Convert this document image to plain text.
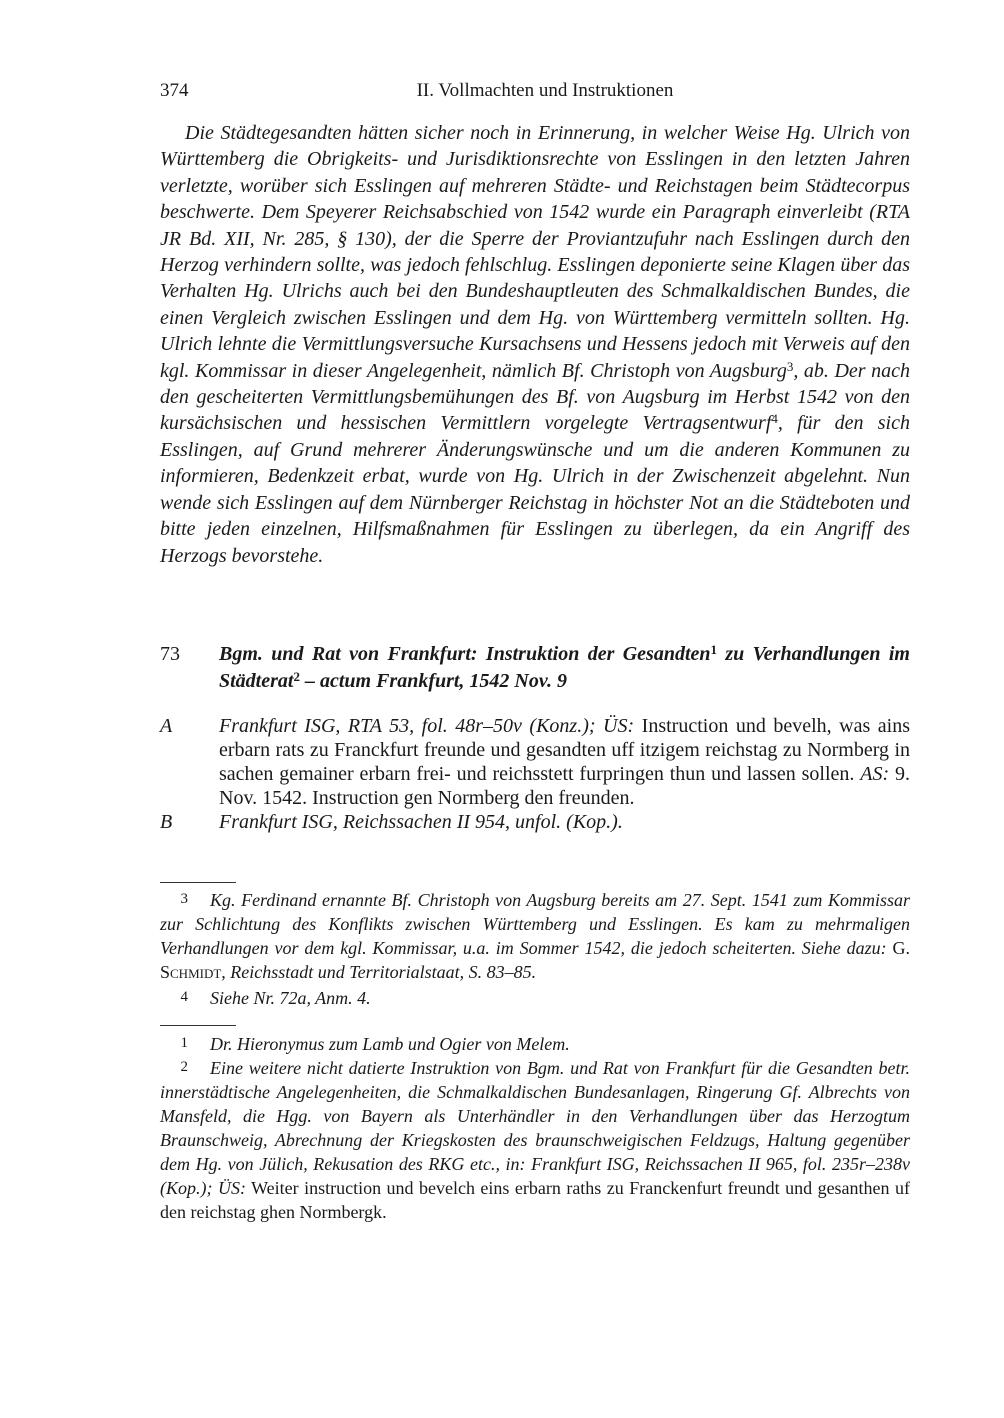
374	II. Vollmachten und Instruktionen

Die Städtegesandten hätten sicher noch in Erinnerung, in welcher Weise Hg. Ulrich von Württemberg die Obrigkeits- und Jurisdiktionsrechte von Esslingen in den letzten Jahren verletzte, worüber sich Esslingen auf mehreren Städte- und Reichstagen beim Städtecorpus beschwerte. Dem Speyerer Reichsabschied von 1542 wurde ein Paragraph einverleibt (RTA JR Bd. XII, Nr. 285, § 130), der die Sperre der Proviantzufuhr nach Esslingen durch den Herzog verhindern sollte, was jedoch fehlschlug. Esslingen deponierte seine Klagen über das Verhalten Hg. Ulrichs auch bei den Bundeshauptleuten des Schmalkaldischen Bundes, die einen Vergleich zwischen Esslingen und dem Hg. von Württemberg vermitteln sollten. Hg. Ulrich lehnte die Vermittlungsversuche Kursachsens und Hessens jedoch mit Verweis auf den kgl. Kommissar in dieser Angelegenheit, nämlich Bf. Christoph von Augsburg$^3$, ab. Der nach den gescheiterten Vermittlungsbemühungen des Bf. von Augsburg im Herbst 1542 von den kursächsischen und hessischen Vermittlern vorgelegte Vertragsentwurf$^4$, für den sich Esslingen, auf Grund mehrerer Änderungswünsche und um die anderen Kommunen zu informieren, Bedenkzeit erbat, wurde von Hg. Ulrich in der Zwischenzeit abgelehnt. Nun wende sich Esslingen auf dem Nürnberger Reichstag in höchster Not an die Städteboten und bitte jeden einzelnen, Hilfsmaßnahmen für Esslingen zu überlegen, da ein Angriff des Herzogs bevorstehe.

73 Bgm. und Rat von Frankfurt: Instruktion der Gesandten$^1$ zu Verhandlungen im Städterat$^2$ – actum Frankfurt, 1542 Nov. 9
A Frankfurt ISG, RTA 53, fol. 48r–50v (Konz.); ÜS: Instruction und bevelh, was ains erbarn rats zu Franckfurt freunde und gesandten uff itzigem reichstag zu Normberg in sachen gemainer erbarn frei- und reichsstett furpringen thun und lassen sollen. AS: 9. Nov. 1542. Instruction gen Normberg den freunden.
B Frankfurt ISG, Reichssachen II 954, unfol. (Kop.).
3 Kg. Ferdinand ernannte Bf. Christoph von Augsburg bereits am 27. Sept. 1541 zum Kommissar zur Schlichtung des Konflikts zwischen Württemberg und Esslingen. Es kam zu mehrmaligen Verhandlungen vor dem kgl. Kommissar, u.a. im Sommer 1542, die jedoch scheiterten. Siehe dazu: G. Schmidt, Reichsstadt und Territorialstaat, S. 83–85.
4 Siehe Nr. 72a, Anm. 4.
1 Dr. Hieronymus zum Lamb und Ogier von Melem.
2 Eine weitere nicht datierte Instruktion von Bgm. und Rat von Frankfurt für die Gesandten betr. innerstädtische Angelegenheiten, die Schmalkaldischen Bundesanlagen, Ringerung Gf. Albrechts von Mansfeld, die Hgg. von Bayern als Unterhändler in den Verhandlungen über das Herzogtum Braunschweig, Abrechnung der Kriegskosten des braunschweigischen Feldzugs, Haltung gegenüber dem Hg. von Jülich, Rekusation des RKG etc., in: Frankfurt ISG, Reichssachen II 965, fol. 235r–238v (Kop.); ÜS: Weiter instruction und bevelch eins erbarn raths zu Franckenfurt freundt und gesanthen uf den reichstag ghen Normbergk.
